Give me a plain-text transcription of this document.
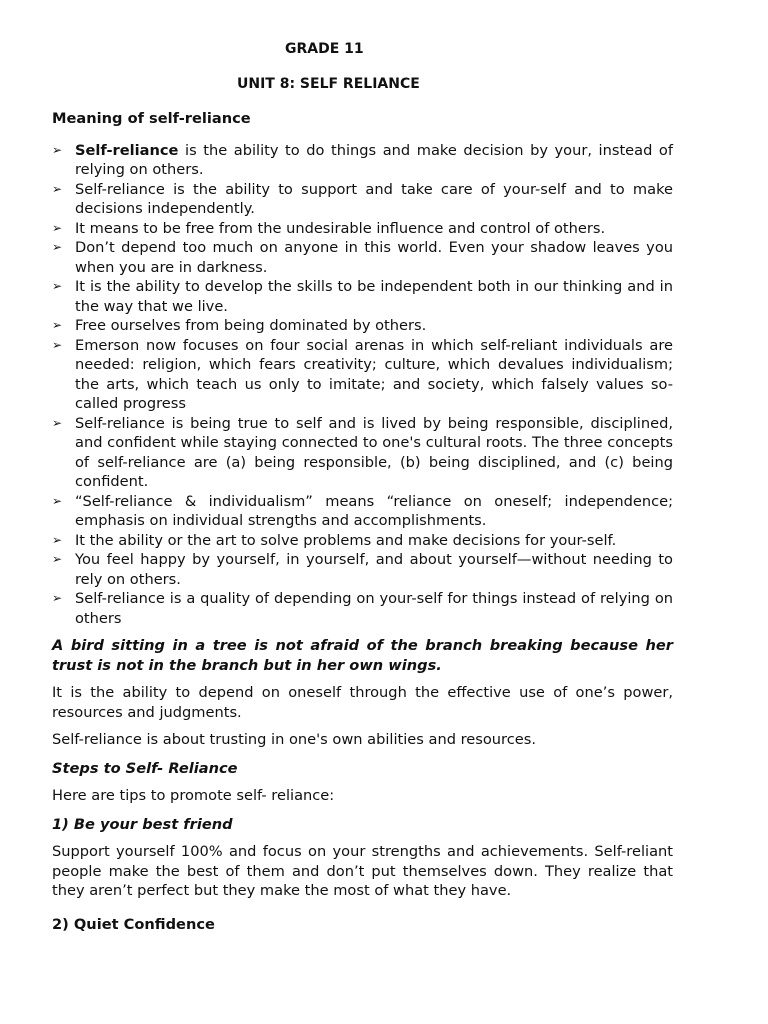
GRADE 11
UNIT 8: SELF RELIANCE
Meaning of self-reliance
➢ Self-reliance is the ability to do things and make decision by your, instead of relying on others.
➢ Self-reliance is the ability to support and take care of your-self and to make decisions independently.
➢ It means to be free from the undesirable influence and control of others.
➢ Don’t depend too much on anyone in this world. Even your shadow leaves you when you are in darkness.
➢ It is the ability to develop the skills to be independent both in our thinking and in the way that we live.
➢ Free ourselves from being dominated by others.
➢ Emerson now focuses on four social arenas in which self-reliant individuals are needed: religion, which fears creativity; culture, which devalues individualism; the arts, which teach us only to imitate; and society, which falsely values so-called progress
➢ Self-reliance is being true to self and is lived by being responsible, disciplined, and confident while staying connected to one's cultural roots. The three concepts of self-reliance are (a) being responsible, (b) being disciplined, and (c) being confident.
➢ “Self-reliance & individualism” means “reliance on oneself; independence; emphasis on individual strengths and accomplishments.
➢ It the ability or the art to solve problems and make decisions for your-self.
➢ You feel happy by yourself, in yourself, and about yourself—without needing to rely on others.
➢ Self-reliance is a quality of depending on your-self for things instead of relying on others
A bird sitting in a tree is not afraid of the branch breaking because her trust is not in the branch but in her own wings.

It is the ability to depend on oneself through the effective use of one’s power, resources and judgments.

Self-reliance is about trusting in one's own abilities and resources.

Steps to Self- Reliance

Here are tips to promote self- reliance:

1) Be your best friend

Support yourself 100% and focus on your strengths and achievements. Self-reliant people make the best of them and don’t put themselves down. They realize that they aren’t perfect but they make the most of what they have.

2) Quiet Confidence
